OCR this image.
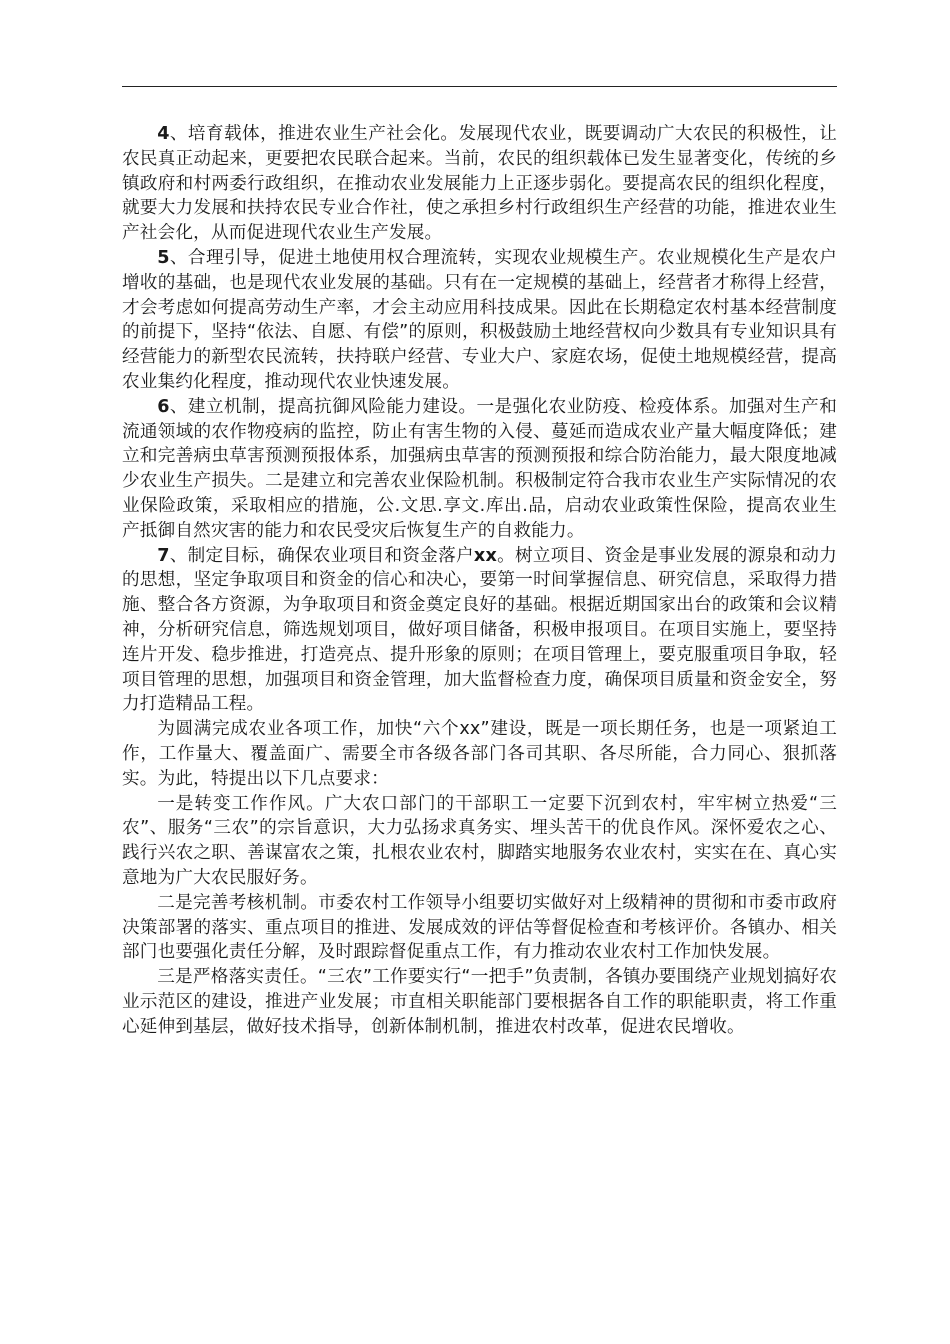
4、培育载体，推进农业生产社会化。发展现代农业，既要调动广大农民的积极性，让农民真正动起来，更要把农民联合起来。当前，农民的组织载体已发生显著变化，传统的乡镇政府和村两委行政组织，在推动农业发展能力上正逐步弱化。要提高农民的组织化程度，就要大力发展和扶持农民专业合作社，使之承担乡村行政组织生产经营的功能，推进农业生产社会化，从而促进现代农业生产发展。

5、合理引导，促进土地使用权合理流转，实现农业规模生产。农业规模化生产是农户增收的基础，也是现代农业发展的基础。只有在一定规模的基础上，经营者才称得上经营，才会考虑如何提高劳动生产率，才会主动应用科技成果。因此在长期稳定农村基本经营制度的前提下，坚持“依法、自愿、有偿”的原则，积极鼓励土地经营权向少数具有专业知识具有经营能力的新型农民流转，扶持联户经营、专业大户、家庭农场，促使土地规模经营，提高农业集约化程度，推动现代农业快速发展。

6、建立机制，提高抗御风险能力建设。一是强化农业防疫、检疫体系。加强对生产和流通领域的农作物疫病的监控，防止有害生物的入侵、蔓延而造成农业产量大幅度降低；建立和完善病虫草害预测预报体系，加强病虫草害的预测预报和综合防治能力，最大限度地减少农业生产损失。二是建立和完善农业保险机制。积极制定符合我市农业生产实际情况的农业保险政策，采取相应的措施，公.文思.享文.库出.品，启动农业政策性保险，提高农业生产抵御自然灾害的能力和农民受灾后恢复生产的自救能力。

7、制定目标，确保农业项目和资金落户xx。树立项目、资金是事业发展的源泉和动力的思想，坚定争取项目和资金的信心和决心，要第一时间掌握信息、研究信息，采取得力措施、整合各方资源，为争取项目和资金奠定良好的基础。根据近期国家出台的政策和会议精神，分析研究信息，筛选规划项目，做好项目储备，积极申报项目。在项目实施上，要坚持连片开发、稳步推进，打造亮点、提升形象的原则；在项目管理上，要克服重项目争取，轻项目管理的思想，加强项目和资金管理，加大监督检查力度，确保项目质量和资金安全，努力打造精品工程。

为圆满完成农业各项工作，加快“六个xx”建设，既是一项长期任务，也是一项紧迫工作，工作量大、覆盖面广、需要全市各级各部门各司其职、各尽所能，合力同心、狠抓落实。为此，特提出以下几点要求：

一是转变工作作风。广大农口部门的干部职工一定要下沉到农村，牢牢树立热爱“三农”、服务“三农”的宗旨意识，大力弘扬求真务实、埋头苦干的优良作风。深怀爱农之心、践行兴农之职、善谋富农之策，扎根农业农村，脚踏实地服务农业农村，实实在在、真心实意地为广大农民服好务。

二是完善考核机制。市委农村工作领导小组要切实做好对上级精神的贯彻和市委市政府决策部署的落实、重点项目的推进、发展成效的评估等督促检查和考核评价。各镇办、相关部门也要强化责任分解，及时跟踪督促重点工作，有力推动农业农村工作加快发展。

三是严格落实责任。“三农”工作要实行“一把手”负责制，各镇办要围绕产业规划搞好农业示范区的建设，推进产业发展；市直相关职能部门要根据各自工作的职能职责，将工作重心延伸到基层，做好技术指导，创新体制机制，推进农村改革，促进农民增收。
